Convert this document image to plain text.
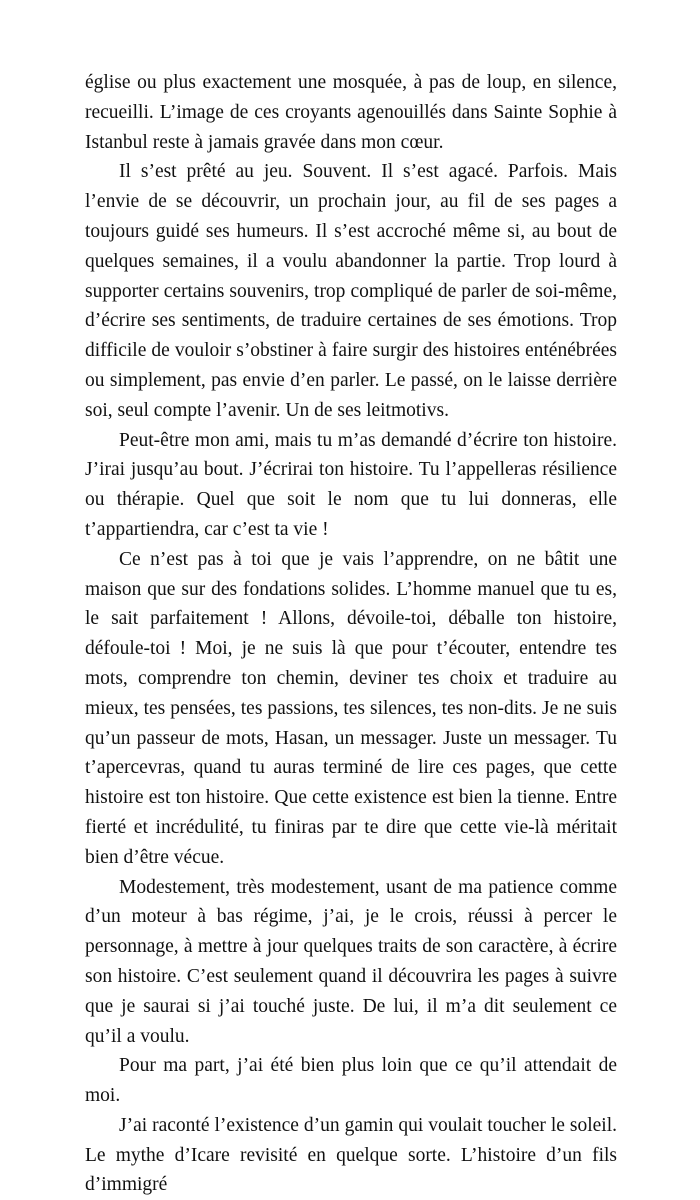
église ou plus exactement une mosquée, à pas de loup, en silence, recueilli. L’image de ces croyants agenouillés dans Sainte Sophie à Istanbul reste à jamais gravée dans mon cœur.

Il s’est prêté au jeu. Souvent. Il s’est agacé. Parfois. Mais l’envie de se découvrir, un prochain jour, au fil de ses pages a toujours guidé ses humeurs. Il s’est accroché même si, au bout de quelques semaines, il a voulu abandonner la partie. Trop lourd à supporter certains souvenirs, trop compliqué de parler de soi-même, d’écrire ses sentiments, de traduire certaines de ses émotions. Trop difficile de vouloir s’obstiner à faire surgir des histoires enténébrées ou simplement, pas envie d’en parler. Le passé, on le laisse derrière soi, seul compte l’avenir. Un de ses leitmotivs.

Peut-être mon ami, mais tu m’as demandé d’écrire ton histoire. J’irai jusqu’au bout. J’écrirai ton histoire. Tu l’appelleras résilience ou thérapie. Quel que soit le nom que tu lui donneras, elle t’appartiendra, car c’est ta vie !

Ce n’est pas à toi que je vais l’apprendre, on ne bâtit une maison que sur des fondations solides. L’homme manuel que tu es, le sait parfaitement ! Allons, dévoile-toi, déballe ton histoire, défoule-toi ! Moi, je ne suis là que pour t’écouter, entendre tes mots, comprendre ton chemin, deviner tes choix et traduire au mieux, tes pensées, tes passions, tes silences, tes non-dits. Je ne suis qu’un passeur de mots, Hasan, un messager. Juste un messager. Tu t’apercevras, quand tu auras terminé de lire ces pages, que cette histoire est ton histoire. Que cette existence est bien la tienne. Entre fierté et incrédulité, tu finiras par te dire que cette vie-là méritait bien d’être vécue.

Modestement, très modestement, usant de ma patience comme d’un moteur à bas régime, j’ai, je le crois, réussi à percer le personnage, à mettre à jour quelques traits de son caractère, à écrire son histoire. C’est seulement quand il découvrira les pages à suivre que je saurai si j’ai touché juste. De lui, il m’a dit seulement ce qu’il a voulu.

Pour ma part, j’ai été bien plus loin que ce qu’il attendait de moi.

J’ai raconté l’existence d’un gamin qui voulait toucher le soleil. Le mythe d’Icare revisité en quelque sorte. L’histoire d’un fils d’immigré
